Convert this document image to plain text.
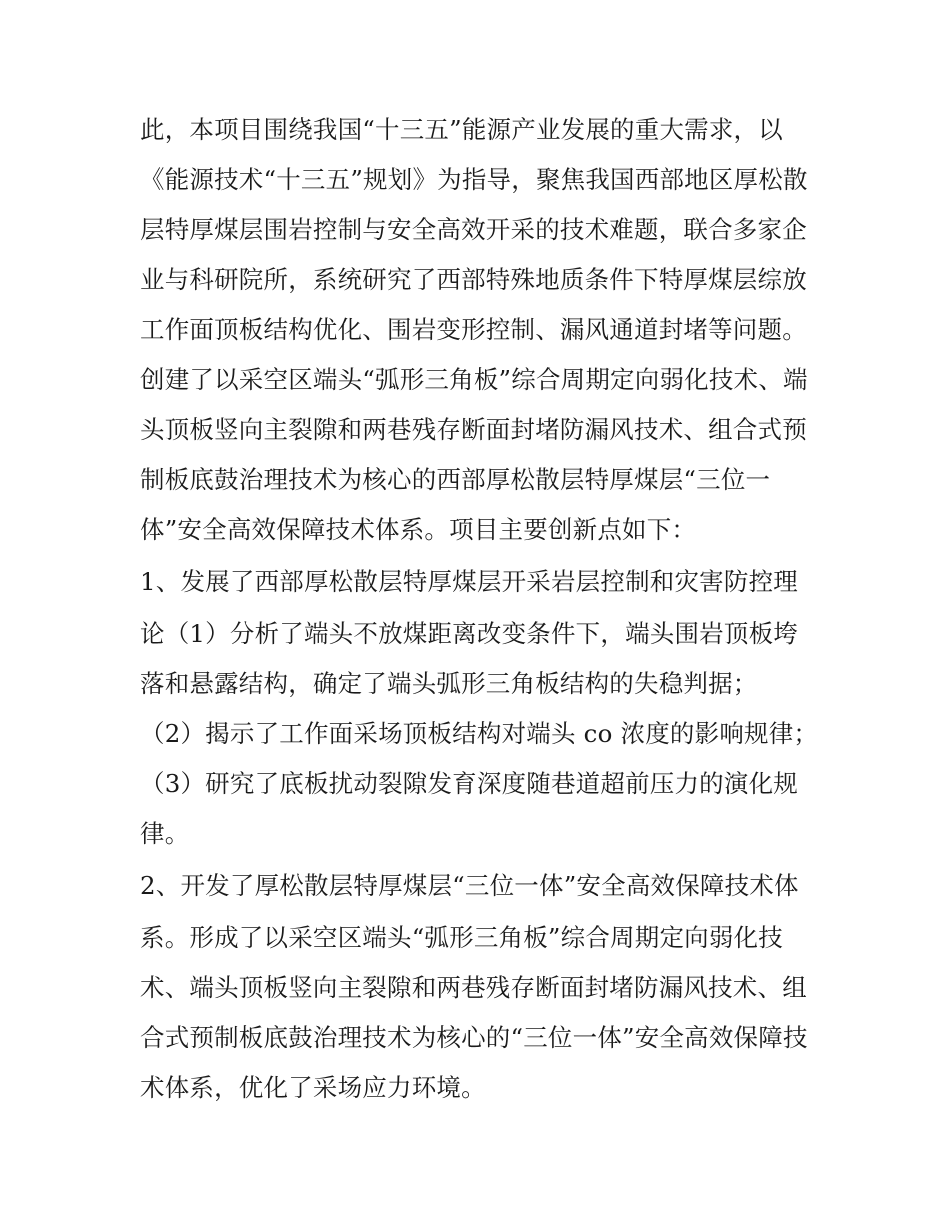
此，本项目围绕我国“十三五”能源产业发展的重大需求，以
《能源技术“十三五”规划》为指导，聚焦我国西部地区厚松散
层特厚煤层围岩控制与安全高效开采的技术难题，联合多家企
业与科研院所，系统研究了西部特殊地质条件下特厚煤层综放
工作面顶板结构优化、围岩变形控制、漏风通道封堵等问题。
创建了以采空区端头“弧形三角板”综合周期定向弱化技术、端
头顶板竖向主裂隙和两巷残存断面封堵防漏风技术、组合式预
制板底鼓治理技术为核心的西部厚松散层特厚煤层“三位一
体”安全高效保障技术体系。项目主要创新点如下：
1、发展了西部厚松散层特厚煤层开采岩层控制和灾害防控理
论（1）分析了端头不放煤距离改变条件下，端头围岩顶板垮
落和悬露结构，确定了端头弧形三角板结构的失稳判据；
（2）揭示了工作面采场顶板结构对端头 co 浓度的影响规律；
（3）研究了底板扰动裂隙发育深度随巷道超前压力的演化规
律。
2、开发了厚松散层特厚煤层“三位一体”安全高效保障技术体
系。形成了以采空区端头“弧形三角板”综合周期定向弱化技
术、端头顶板竖向主裂隙和两巷残存断面封堵防漏风技术、组
合式预制板底鼓治理技术为核心的“三位一体”安全高效保障技
术体系，优化了采场应力环境。
